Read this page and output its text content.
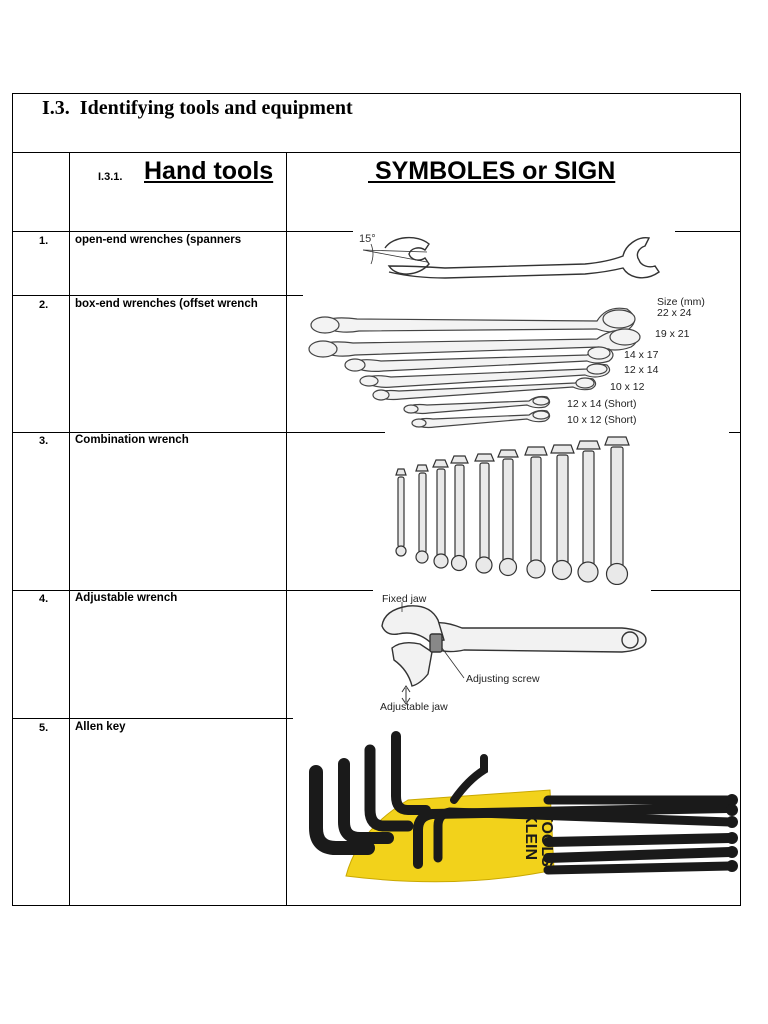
I.3. Identifying tools and equipment
I.3.1. Hand tools	SYMBOLES or SIGN
1.	open-end wrenches (spanners
2.	box-end wrenches (offset wrench
3.	Combination wrench
4.	Adjustable wrench
5.	Allen key
15°
Size (mm)
22 x 24
19 x 21
14 x 17
12 x 14
10 x 12
12 x 14 (Short)
10 x 12 (Short)
Fixed jaw
Adjusting screw
Adjustable jaw
KLEIN TOOLS
